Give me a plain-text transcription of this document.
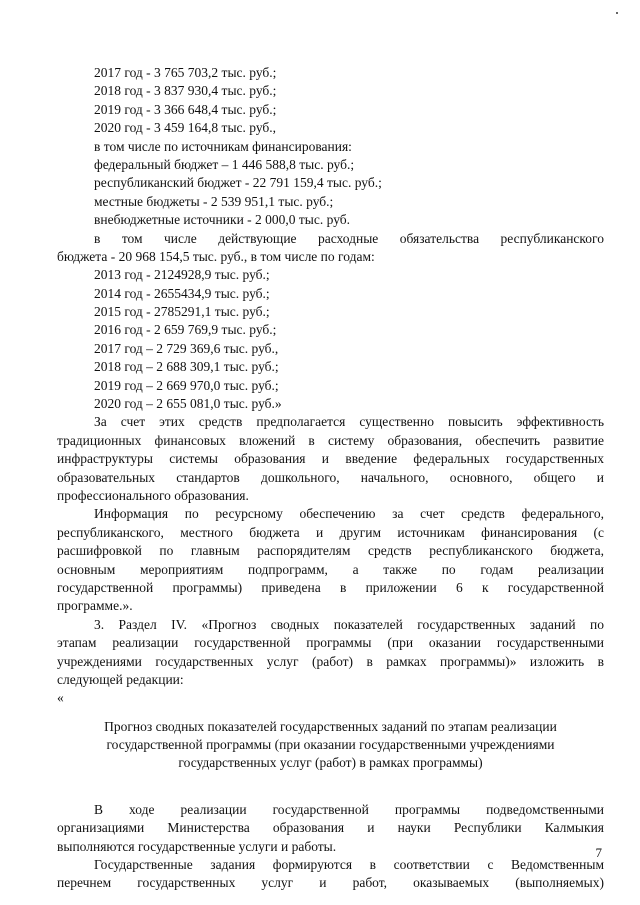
2017 год - 3 765 703,2 тыс. руб.;
2018 год - 3 837 930,4 тыс. руб.;
2019 год - 3 366 648,4 тыс. руб.;
2020 год - 3 459 164,8 тыс. руб.,
в том числе по источникам финансирования:
федеральный бюджет – 1 446 588,8 тыс. руб.;
республиканский бюджет - 22 791 159,4 тыс. руб.;
местные бюджеты - 2 539 951,1 тыс. руб.;
внебюджетные источники - 2 000,0 тыс. руб.
в том числе действующие расходные обязательства республиканского
бюджета - 20 968 154,5 тыс. руб., в том числе по годам:
2013 год - 2124928,9 тыс. руб.;
2014 год - 2655434,9 тыс. руб.;
2015 год - 2785291,1 тыс. руб.;
2016 год - 2 659 769,9 тыс. руб.;
2017 год – 2 729 369,6 тыс. руб.,
2018 год – 2 688 309,1 тыс. руб.;
2019 год – 2 669 970,0 тыс. руб.;
2020 год – 2 655 081,0 тыс. руб.»
За счет этих средств предполагается существенно повысить эффективность
традиционных финансовых вложений в систему образования, обеспечить развитие
инфраструктуры системы образования и введение федеральных государственных
образовательных стандартов дошкольного, начального, основного, общего и
профессионального образования.
Информация по ресурсному обеспечению за счет средств федерального,
республиканского, местного бюджета и другим источникам финансирования (с
расшифровкой по главным распорядителям средств республиканского бюджета,
основным мероприятиям подпрограмм, а также по годам реализации
государственной программы) приведена в приложении 6 к государственной
программе.».
3. Раздел IV. «Прогноз сводных показателей государственных заданий по
этапам реализации государственной программы (при оказании государственными
учреждениями государственных услуг (работ) в рамках программы)» изложить в
следующей редакции:
«
Прогноз сводных показателей государственных заданий по этапам реализации
государственной программы (при оказании государственными учреждениями
государственных услуг (работ) в рамках программы)
В ходе реализации государственной программы подведомственными
организациями Министерства образования и науки Республики Калмыкия
выполняются государственные услуги и работы.
Государственные задания формируются в соответствии с Ведомственным
перечнем государственных услуг и работ, оказываемых (выполняемых)
7
